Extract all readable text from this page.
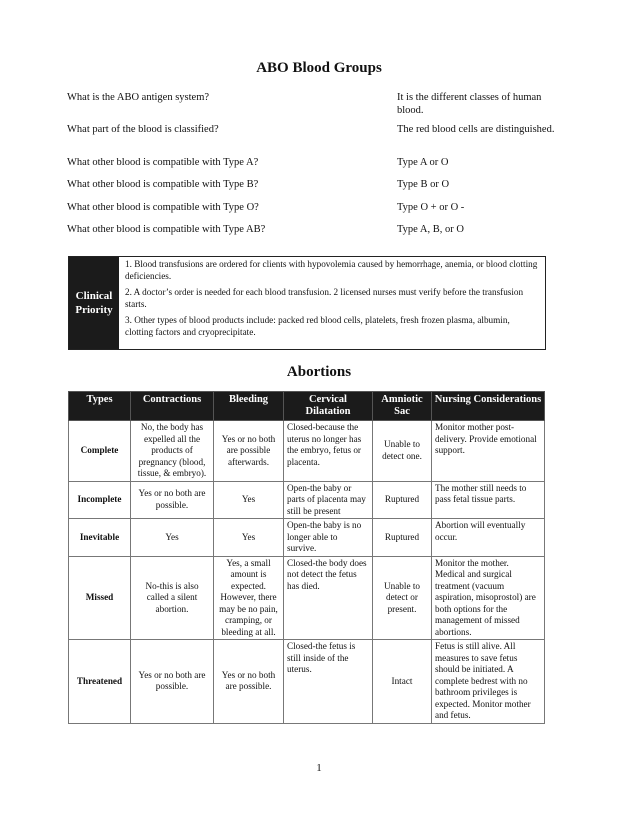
ABO Blood Groups
What is the ABO antigen system?	It is the different classes of human blood.
What part of the blood is classified?	The red blood cells are distinguished.
What other blood is compatible with Type A?	Type A or O
What other blood is compatible with Type B?	Type B or O
What other blood is compatible with Type O?	Type O + or O -
What other blood is compatible with Type AB?	Type A, B, or O
Clinical
Priority

1. Blood transfusions are ordered for clients with hypovolemia caused by hemorrhage, anemia, or blood clotting deficiencies.

2. A doctor’s order is needed for each blood transfusion. 2 licensed nurses must verify before the transfusion starts.

3. Other types of blood products include: packed red blood cells, platelets, fresh frozen plasma, albumin, clotting factors and cryoprecipitate.

Abortions
Types	Contractions	Bleeding	Cervical Dilatation	Amniotic Sac	Nursing Considerations
Complete	No, the body has expelled all the products of pregnancy (blood, tissue, & embryo).	Yes or no both are possible afterwards.	Closed-because the uterus no longer has the embryo, fetus or placenta.	Unable to detect one.	Monitor mother post-delivery. Provide emotional support.
Incomplete	Yes or no both are possible.	Yes	Open-the baby or parts of placenta may still be present	Ruptured	The mother still needs to pass fetal tissue parts.
Inevitable	Yes	Yes	Open-the baby is no longer able to survive.	Ruptured	Abortion will eventually occur.
Missed	No-this is also called a silent abortion.	Yes, a small amount is expected. However, there may be no pain, cramping, or bleeding at all.	Closed-the body does not detect the fetus has died.	Unable to detect or present.	Monitor the mother. Medical and surgical treatment (vacuum aspiration, misoprostol) are both options for the management of missed abortions.
Threatened	Yes or no both are possible.	Yes or no both are possible.	Closed-the fetus is still inside of the uterus.	Intact	Fetus is still alive. All measures to save fetus should be initiated. A complete bedrest with no bathroom privileges is expected. Monitor mother and fetus.
1
